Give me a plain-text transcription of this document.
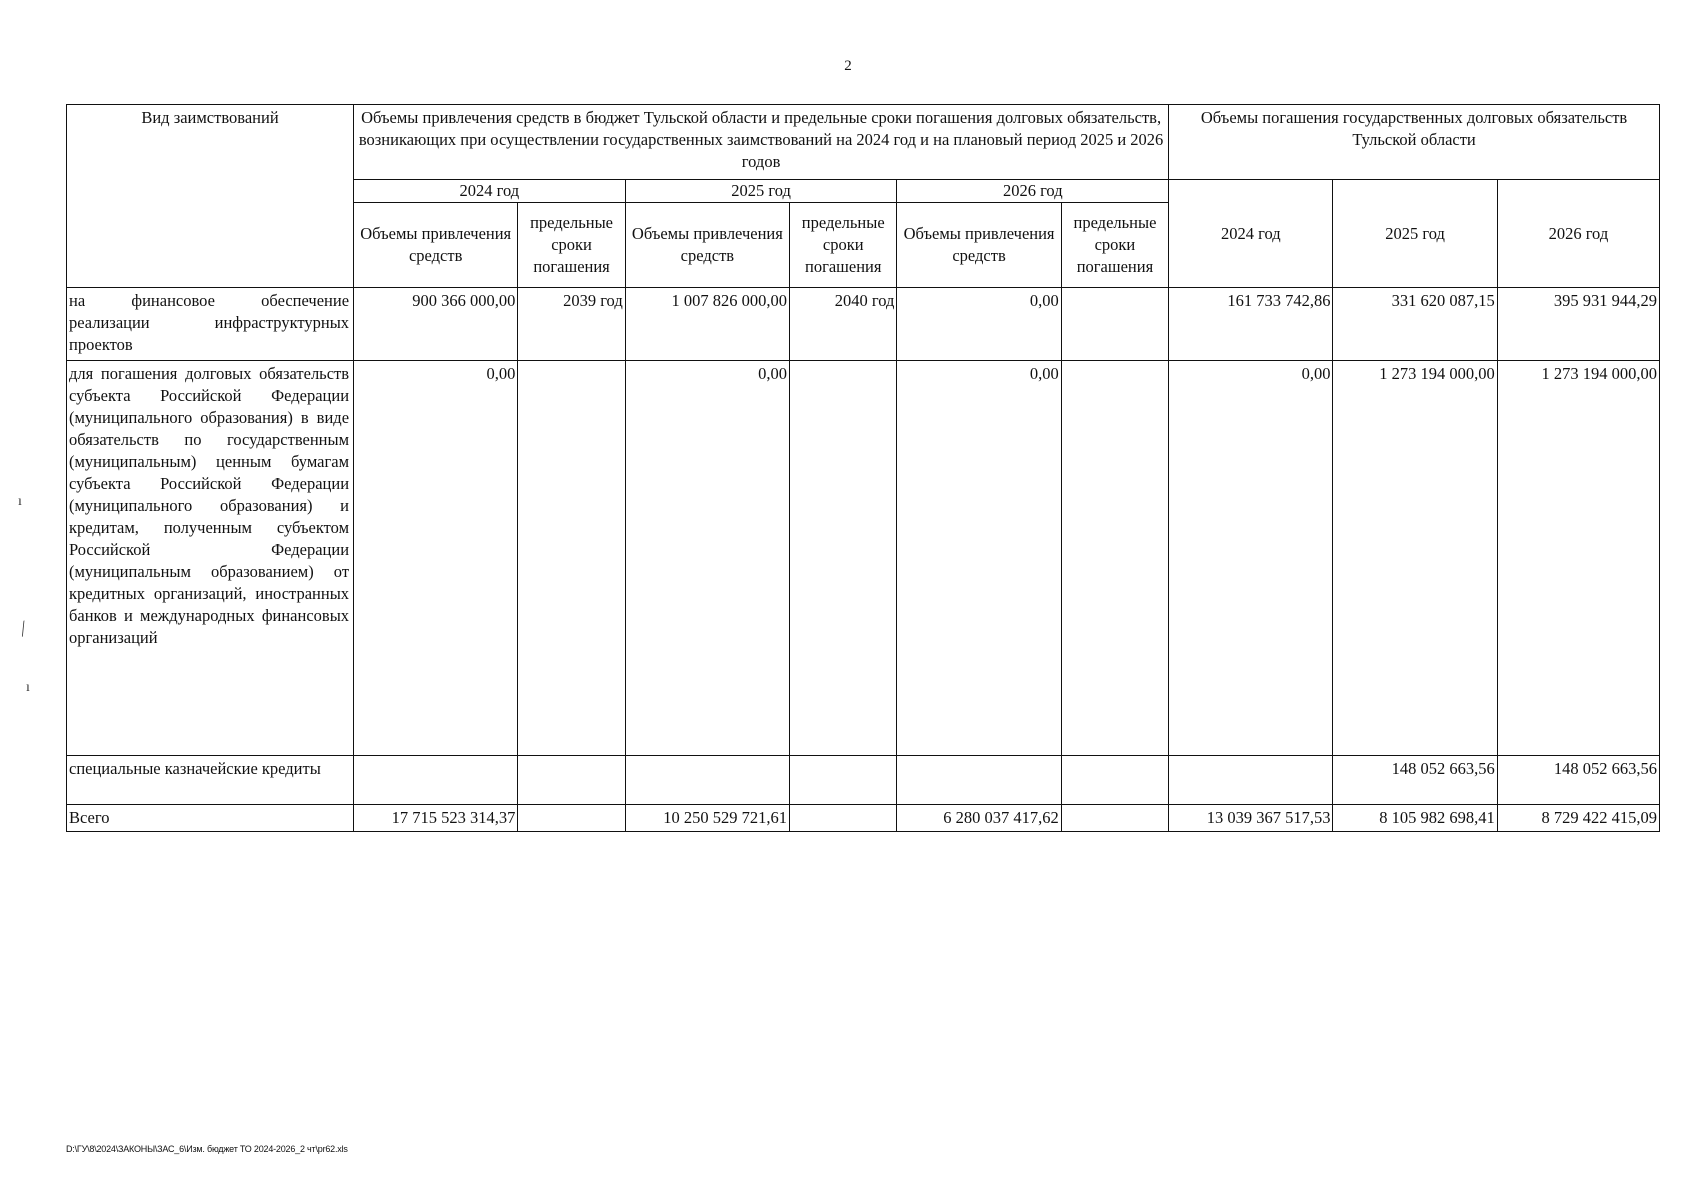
2
Вид заимствований	Объемы привлечения средств в бюджет Тульской области и предельные сроки погашения долговых обязательств, возникающих при осуществлении государственных заимствований на 2024 год и на плановый период 2025 и 2026 годов						Объемы погашения государственных долговых обязательств Тульской области		
	2024 год		2025 год		2026 год		2024 год	2025 год	2026 год
	Объемы привлечения средств	предельные сроки погашения	Объемы привлечения средств	предельные сроки погашения	Объемы привлечения средств	предельные сроки погашения			
на финансовое обеспечение реализации инфраструктурных проектов	900 366 000,00	2039 год	1 007 826 000,00	2040 год	0,00		161 733 742,86	331 620 087,15	395 931 944,29
для погашения долговых обязательств субъекта Российской Федерации (муниципального образования) в виде обязательств по государственным (муниципальным) ценным бумагам субъекта Российской Федерации (муниципального образования) и кредитам, полученным субъектом Российской Федерации (муниципальным образованием) от кредитных организаций, иностранных банков и международных финансовых организаций	0,00		0,00		0,00		0,00	1 273 194 000,00	1 273 194 000,00
специальные казначейские кредиты								148 052 663,56	148 052 663,56
Всего	17 715 523 314,37		10 250 529 721,61		6 280 037 417,62		13 039 367 517,53	8 105 982 698,41	8 729 422 415,09
ı
⁄
ı
D:\ГУ\8\2024\ЗАКОНЫ\ЗАС_6\Изм. бюджет ТО 2024-2026_2 чт\pr62.xls
